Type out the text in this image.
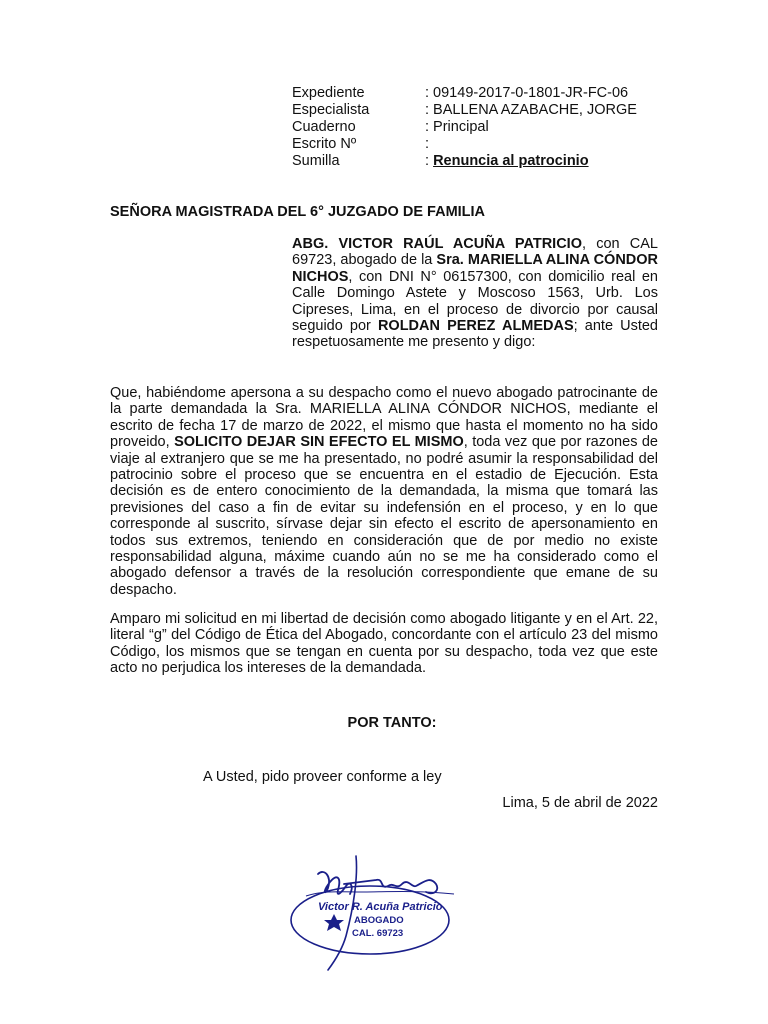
Expediente	: 09149-2017-0-1801-JR-FC-06
Especialista	: BALLENA AZABACHE, JORGE
Cuaderno	: Principal
Escrito Nº	:
Sumilla	: Renuncia al patrocinio
SEÑORA MAGISTRADA DEL 6° JUZGADO DE FAMILIA
ABG. VICTOR RAÚL ACUÑA PATRICIO, con CAL 69723, abogado de la Sra. MARIELLA ALINA CÓNDOR NICHOS, con DNI N° 06157300, con domicilio real en Calle Domingo Astete y Moscoso 1563, Urb. Los Cipreses, Lima, en el proceso de divorcio por causal seguido por ROLDAN PEREZ ALMEDAS; ante Usted respetuosamente me presento y digo:
Que, habiéndome apersona a su despacho como el nuevo abogado patrocinante de la parte demandada la Sra. MARIELLA ALINA CÓNDOR NICHOS, mediante el escrito de fecha 17 de marzo de 2022, el mismo que hasta el momento no ha sido proveido, SOLICITO DEJAR SIN EFECTO EL MISMO, toda vez que por razones de viaje al extranjero que se me ha presentado, no podré asumir la responsabilidad del patrocinio sobre el proceso que se encuentra en el estadio de Ejecución. Esta decisión es de entero conocimiento de la demandada, la misma que tomará las previsiones del caso a fin de evitar su indefensión en el proceso, y en lo que corresponde al suscrito, sírvase dejar sin efecto el escrito de apersonamiento en todos sus extremos, teniendo en consideración que de por medio no existe responsabilidad alguna, máxime cuando aún no se me ha considerado como el abogado defensor a través de la resolución correspondiente que emane de su despacho.
Amparo mi solicitud en mi libertad de decisión como abogado litigante y en el Art. 22, literal “g” del Código de Ética del Abogado, concordante con el artículo 23 del mismo Código, los mismos que se tengan en cuenta por su despacho, toda vez que este acto no perjudica los intereses de la demandada.
POR TANTO:
A Usted, pido proveer conforme a ley
Lima, 5 de abril de 2022
Victor R. Acuña Patricio
ABOGADO
CAL. 69723
